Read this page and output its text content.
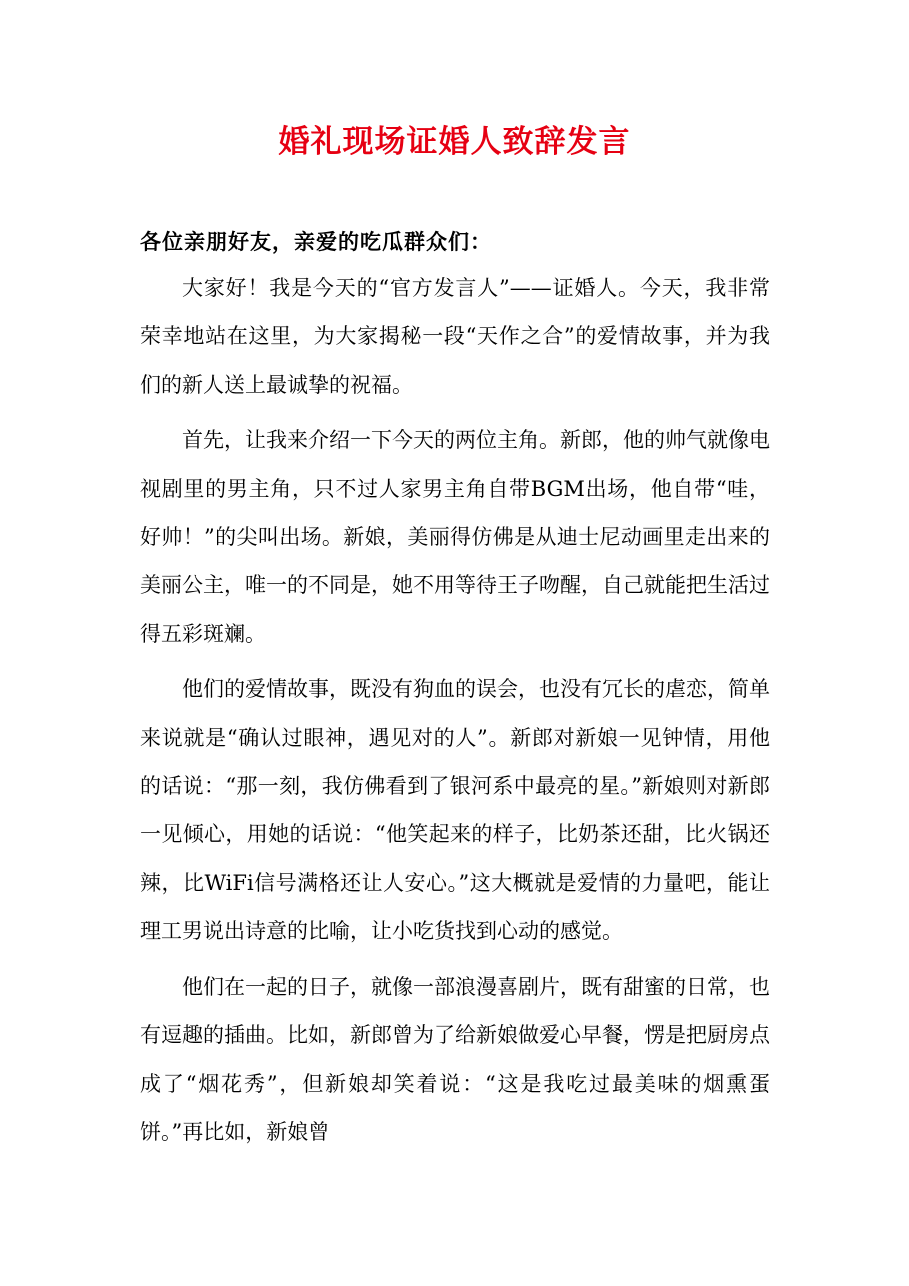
婚礼现场证婚人致辞发言
各位亲朋好友，亲爱的吃瓜群众们：

大家好！我是今天的“官方发言人”——证婚人。今天，我非常荣幸地站在这里，为大家揭秘一段“天作之合”的爱情故事，并为我们的新人送上最诚挚的祝福。

首先，让我来介绍一下今天的两位主角。新郎，他的帅气就像电视剧里的男主角，只不过人家男主角自带BGM出场，他自带“哇，好帅！”的尖叫出场。新娘，美丽得仿佛是从迪士尼动画里走出来的美丽公主，唯一的不同是，她不用等待王子吻醒，自己就能把生活过得五彩斑斓。

他们的爱情故事，既没有狗血的误会，也没有冗长的虐恋，简单来说就是“确认过眼神，遇见对的人”。新郎对新娘一见钟情，用他的话说：“那一刻，我仿佛看到了银河系中最亮的星。”新娘则对新郎一见倾心，用她的话说：“他笑起来的样子，比奶茶还甜，比火锅还辣，比WiFi信号满格还让人安心。”这大概就是爱情的力量吧，能让理工男说出诗意的比喻，让小吃货找到心动的感觉。

他们在一起的日子，就像一部浪漫喜剧片，既有甜蜜的日常，也有逗趣的插曲。比如，新郎曾为了给新娘做爱心早餐，愣是把厨房点成了“烟花秀”，但新娘却笑着说：“这是我吃过最美味的烟熏蛋饼。”再比如，新娘曾
